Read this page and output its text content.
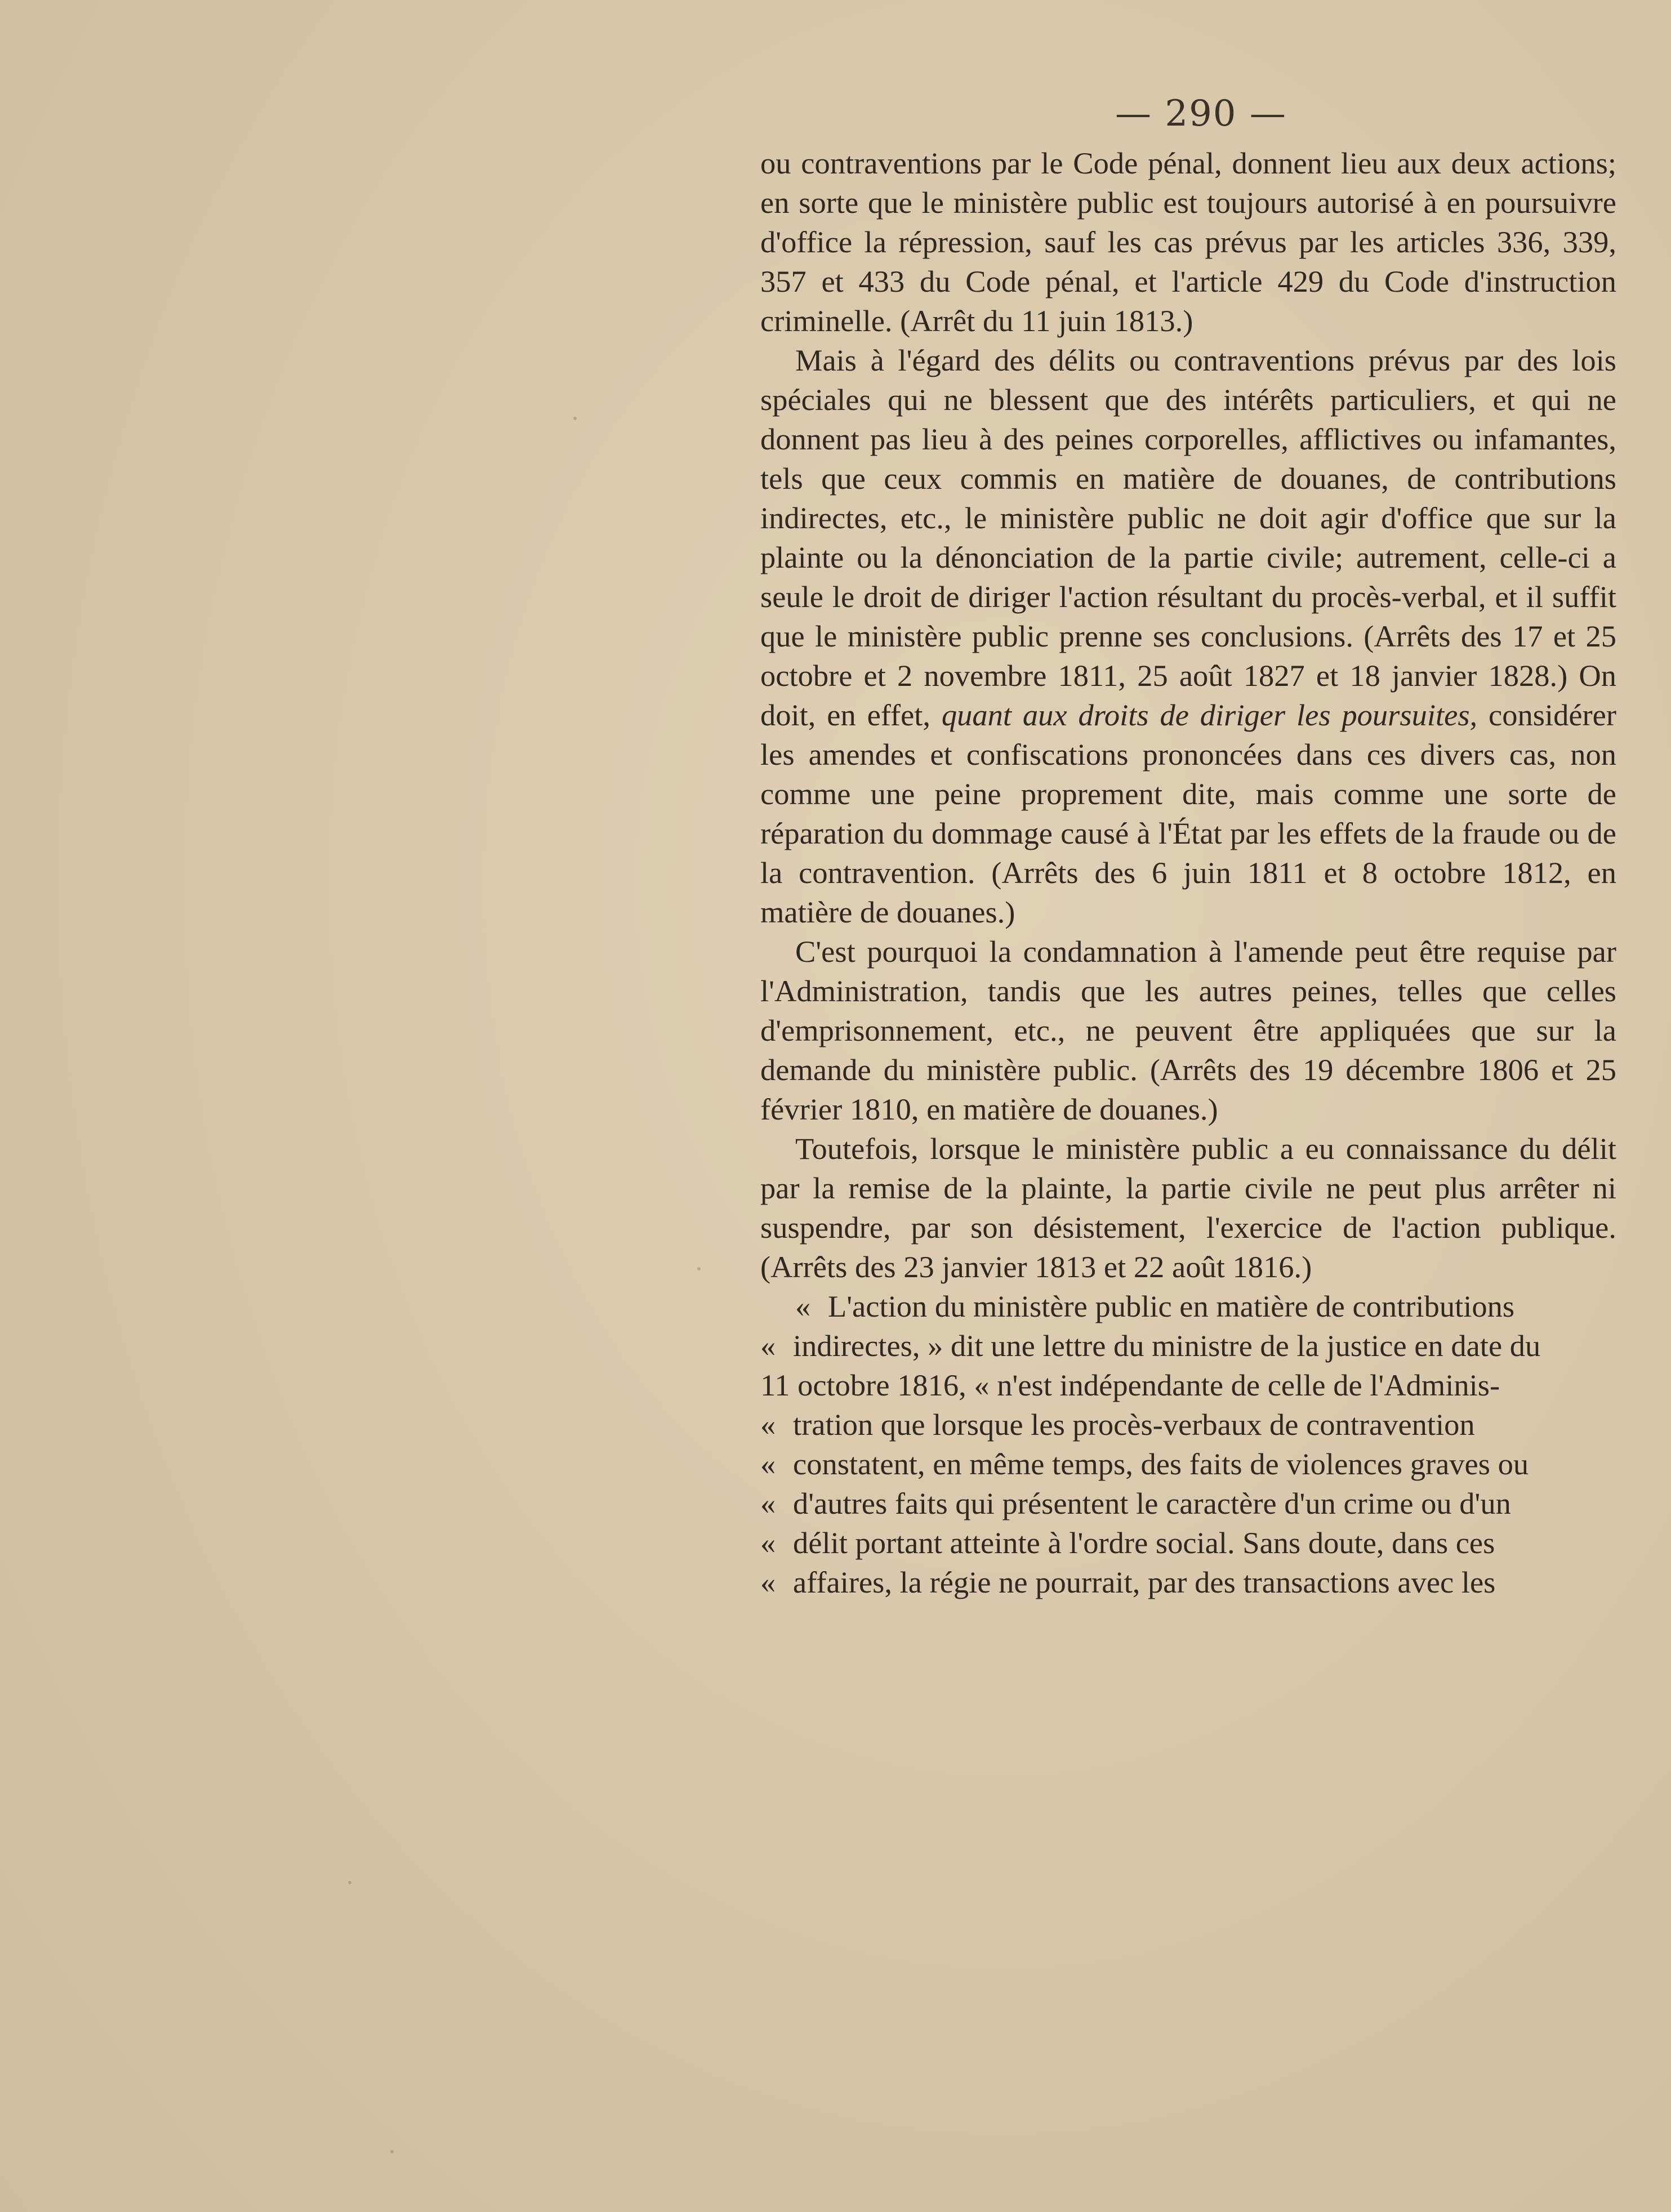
— 290 —

ou contraventions par le Code pénal, donnent lieu aux deux actions; en sorte que le ministère public est toujours autorisé à en poursuivre d'office la répression, sauf les cas prévus par les articles 336, 339, 357 et 433 du Code pénal, et l'article 429 du Code d'instruction criminelle. (Arrêt du 11 juin 1813.)

Mais à l'égard des délits ou contraventions prévus par des lois spéciales qui ne blessent que des intérêts particuliers, et qui ne donnent pas lieu à des peines corporelles, afflictives ou infamantes, tels que ceux commis en matière de douanes, de contributions indirectes, etc., le ministère public ne doit agir d'office que sur la plainte ou la dénonciation de la partie civile; autrement, celle-ci a seule le droit de diriger l'action résultant du procès-verbal, et il suffit que le ministère public prenne ses conclusions. (Arrêts des 17 et 25 octobre et 2 novembre 1811, 25 août 1827 et 18 janvier 1828.) On doit, en effet, quant aux droits de diriger les poursuites, considérer les amendes et confiscations prononcées dans ces divers cas, non comme une peine proprement dite, mais comme une sorte de réparation du dommage causé à l'État par les effets de la fraude ou de la contravention. (Arrêts des 6 juin 1811 et 8 octobre 1812, en matière de douanes.)

C'est pourquoi la condamnation à l'amende peut être requise par l'Administration, tandis que les autres peines, telles que celles d'emprisonnement, etc., ne peuvent être appliquées que sur la demande du ministère public. (Arrêts des 19 décembre 1806 et 25 février 1810, en matière de douanes.)

Toutefois, lorsque le ministère public a eu connaissance du délit par la remise de la plainte, la partie civile ne peut plus arrêter ni suspendre, par son désistement, l'exercice de l'action publique. (Arrêts des 23 janvier 1813 et 22 août 1816.)

« L'action du ministère public en matière de contributions
« indirectes, » dit une lettre du ministre de la justice en date du
11 octobre 1816, « n'est indépendante de celle de l'Adminis-
« tration que lorsque les procès-verbaux de contravention
« constatent, en même temps, des faits de violences graves ou
« d'autres faits qui présentent le caractère d'un crime ou d'un
« délit portant atteinte à l'ordre social. Sans doute, dans ces
« affaires, la régie ne pourrait, par des transactions avec les
